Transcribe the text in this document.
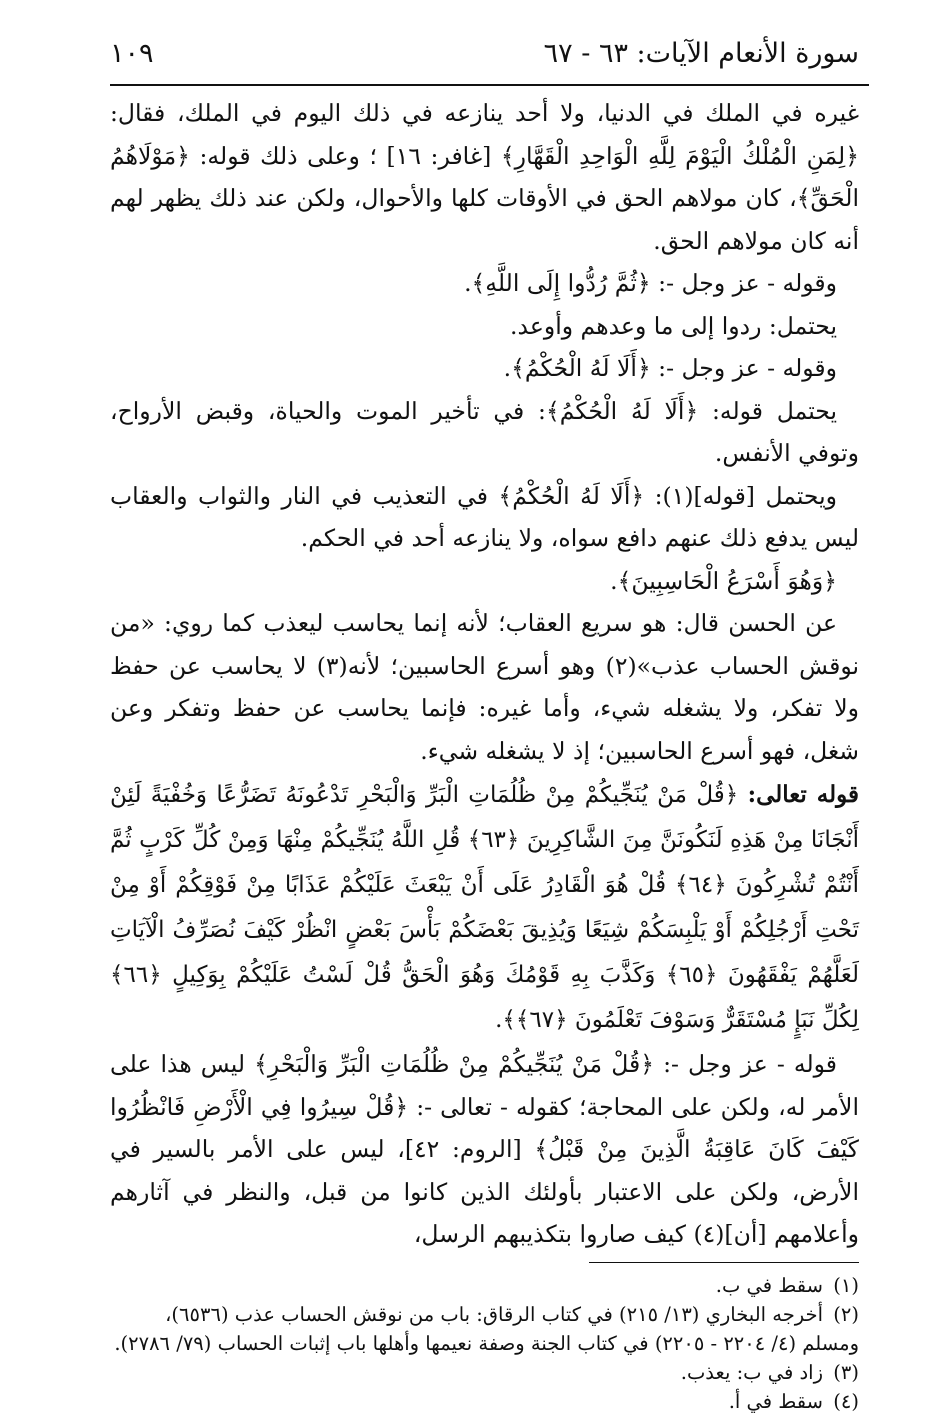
سورة الأنعام الآيات: ٦٣ - ٦٧
١٠٩

غيره في الملك في الدنيا، ولا أحد ينازعه في ذلك اليوم في الملك، فقال: ﴿لِمَنِ الْمُلْكُ الْيَوْمَ لِلَّهِ الْوَاحِدِ الْقَهَّارِ﴾ [غافر: ١٦] ؛ وعلى ذلك قوله: ﴿مَوْلَاهُمُ الْحَقِّ﴾، كان مولاهم الحق في الأوقات كلها والأحوال، ولكن عند ذلك يظهر لهم أنه كان مولاهم الحق.

وقوله - عز وجل -: ﴿ثُمَّ رُدُّوا إِلَى اللَّهِ﴾.

يحتمل: ردوا إلى ما وعدهم وأوعد.

وقوله - عز وجل -: ﴿أَلَا لَهُ الْحُكْمُ﴾.

يحتمل قوله: ﴿أَلَا لَهُ الْحُكْمُ﴾: في تأخير الموت والحياة، وقبض الأرواح، وتوفي الأنفس.

ويحتمل [قوله](١): ﴿أَلَا لَهُ الْحُكْمُ﴾ في التعذيب في النار والثواب والعقاب ليس يدفع ذلك عنهم دافع سواه، ولا ينازعه أحد في الحكم.

﴿وَهُوَ أَسْرَعُ الْحَاسِبِينَ﴾.

عن الحسن قال: هو سريع العقاب؛ لأنه إنما يحاسب ليعذب كما روي: «من نوقش الحساب عذب»(٢) وهو أسرع الحاسبين؛ لأنه(٣) لا يحاسب عن حفظ ولا تفكر، ولا يشغله شيء، وأما غيره: فإنما يحاسب عن حفظ وتفكر وعن شغل، فهو أسرع الحاسبين؛ إذ لا يشغله شيء.

قوله تعالى: ﴿قُلْ مَنْ يُنَجِّيكُمْ مِنْ ظُلُمَاتِ الْبَرِّ وَالْبَحْرِ تَدْعُونَهُ تَضَرُّعًا وَخُفْيَةً لَئِنْ أَنْجَانَا مِنْ هَذِهِ لَنَكُونَنَّ مِنَ الشَّاكِرِينَ ﴿٦٣﴾ قُلِ اللَّهُ يُنَجِّيكُمْ مِنْهَا وَمِنْ كُلِّ كَرْبٍ ثُمَّ أَنْتُمْ تُشْرِكُونَ ﴿٦٤﴾ قُلْ هُوَ الْقَادِرُ عَلَى أَنْ يَبْعَثَ عَلَيْكُمْ عَذَابًا مِنْ فَوْقِكُمْ أَوْ مِنْ تَحْتِ أَرْجُلِكُمْ أَوْ يَلْبِسَكُمْ شِيَعًا وَيُذِيقَ بَعْضَكُمْ بَأْسَ بَعْضٍ انْظُرْ كَيْفَ نُصَرِّفُ الْآيَاتِ لَعَلَّهُمْ يَفْقَهُونَ ﴿٦٥﴾ وَكَذَّبَ بِهِ قَوْمُكَ وَهُوَ الْحَقُّ قُلْ لَسْتُ عَلَيْكُمْ بِوَكِيلٍ ﴿٦٦﴾ لِكُلِّ نَبَإٍ مُسْتَقَرٌّ وَسَوْفَ تَعْلَمُونَ ﴿٦٧﴾﴾.

قوله - عز وجل -: ﴿قُلْ مَنْ يُنَجِّيكُمْ مِنْ ظُلُمَاتِ الْبَرِّ وَالْبَحْرِ﴾ ليس هذا على الأمر له، ولكن على المحاجة؛ كقوله - تعالى -: ﴿قُلْ سِيرُوا فِي الْأَرْضِ فَانْظُرُوا كَيْفَ كَانَ عَاقِبَةُ الَّذِينَ مِنْ قَبْلُ﴾ [الروم: ٤٢]، ليس على الأمر بالسير في الأرض، ولكن على الاعتبار بأولئك الذين كانوا من قبل، والنظر في آثارهم وأعلامهم [أن](٤) كيف صاروا بتكذيبهم الرسل،

(١)سقط في ب.
(٢)أخرجه البخاري (١٣/ ٢١٥) في كتاب الرقاق: باب من نوقش الحساب عذب (٦٥٣٦)، ومسلم (٤/ ٢٢٠٤ - ٢٢٠٥) في كتاب الجنة وصفة نعيمها وأهلها باب إثبات الحساب (٧٩/ ٢٧٨٦).
(٣)زاد في ب: يعذب.
(٤)سقط في أ.
